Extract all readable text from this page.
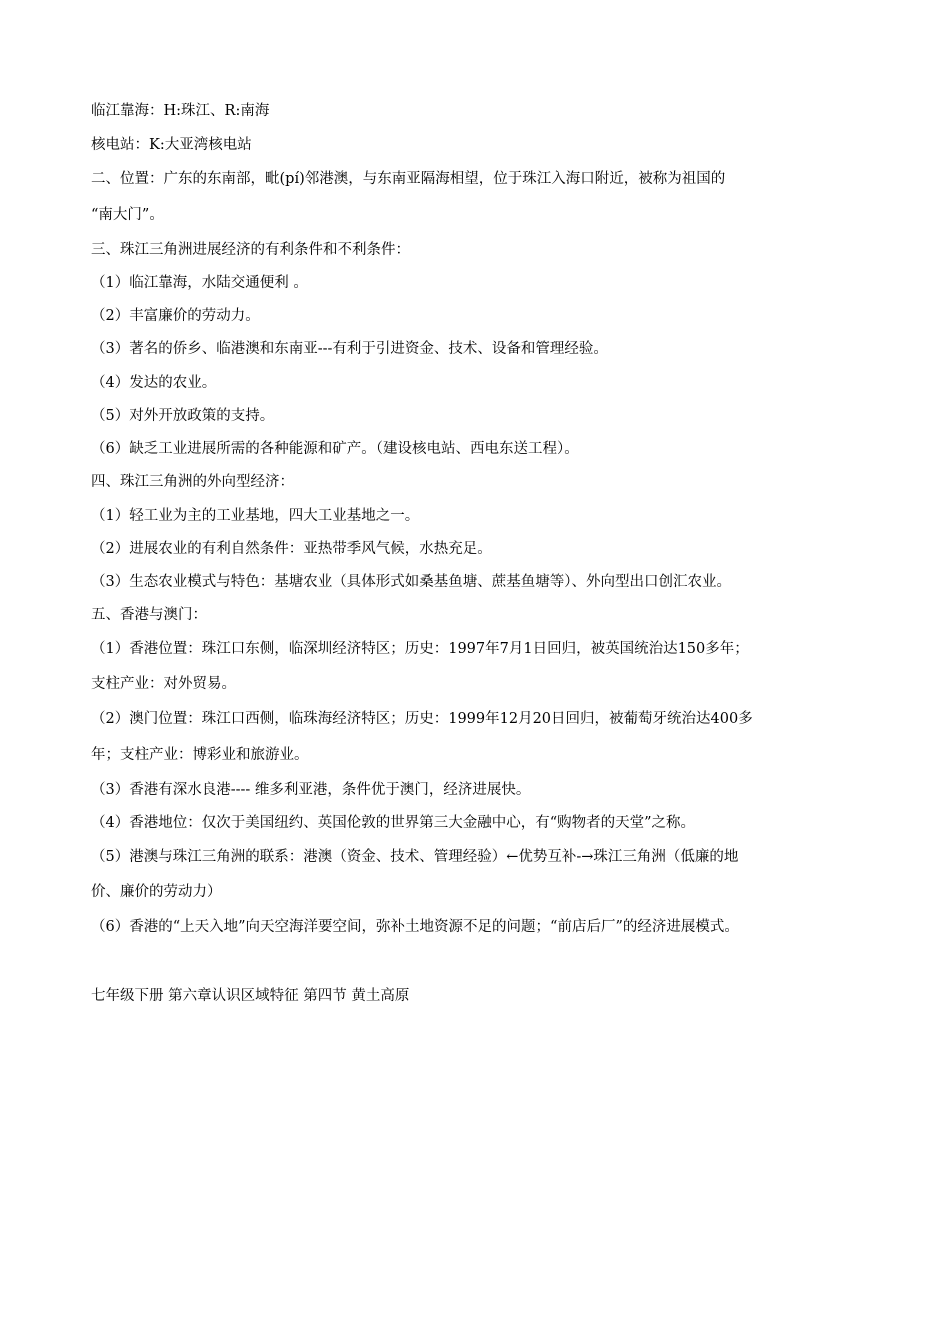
临江靠海：H:珠江、R:南海
核电站：K:大亚湾核电站
二、位置：广东的东南部，毗(pí)邻港澳，与东南亚隔海相望，位于珠江入海口附近，被称为祖国的
“南大门”。
三、珠江三角洲进展经济的有利条件和不利条件：
（1）临江靠海，水陆交通便利 。
（2）丰富廉价的劳动力。
（3）著名的侨乡、临港澳和东南亚---有利于引进资金、技术、设备和管理经验。
（4）发达的农业。
（5）对外开放政策的支持。
（6）缺乏工业进展所需的各种能源和矿产。（建设核电站、西电东送工程）。
四、珠江三角洲的外向型经济：
（1）轻工业为主的工业基地，四大工业基地之一。
（2）进展农业的有利自然条件：亚热带季风气候，水热充足。
（3）生态农业模式与特色：基塘农业（具体形式如桑基鱼塘、蔗基鱼塘等）、外向型出口创汇农业。
五、香港与澳门：
（1）香港位置：珠江口东侧，临深圳经济特区；历史：1997年7月1日回归，被英国统治达150多年；
支柱产业：对外贸易。
（2）澳门位置：珠江口西侧，临珠海经济特区；历史：1999年12月20日回归，被葡萄牙统治达400多
年；支柱产业：博彩业和旅游业。
（3）香港有深水良港---- 维多利亚港，条件优于澳门，经济进展快。
（4）香港地位：仅次于美国纽约、英国伦敦的世界第三大金融中心，有“购物者的天堂”之称。
（5）港澳与珠江三角洲的联系：港澳（资金、技术、管理经验）←优势互补-→珠江三角洲（低廉的地
价、廉价的劳动力）
（6）香港的“上天入地”向天空海洋要空间，弥补土地资源不足的问题；“前店后厂”的经济进展模式。
七年级下册 第六章认识区域特征 第四节 黄土高原
